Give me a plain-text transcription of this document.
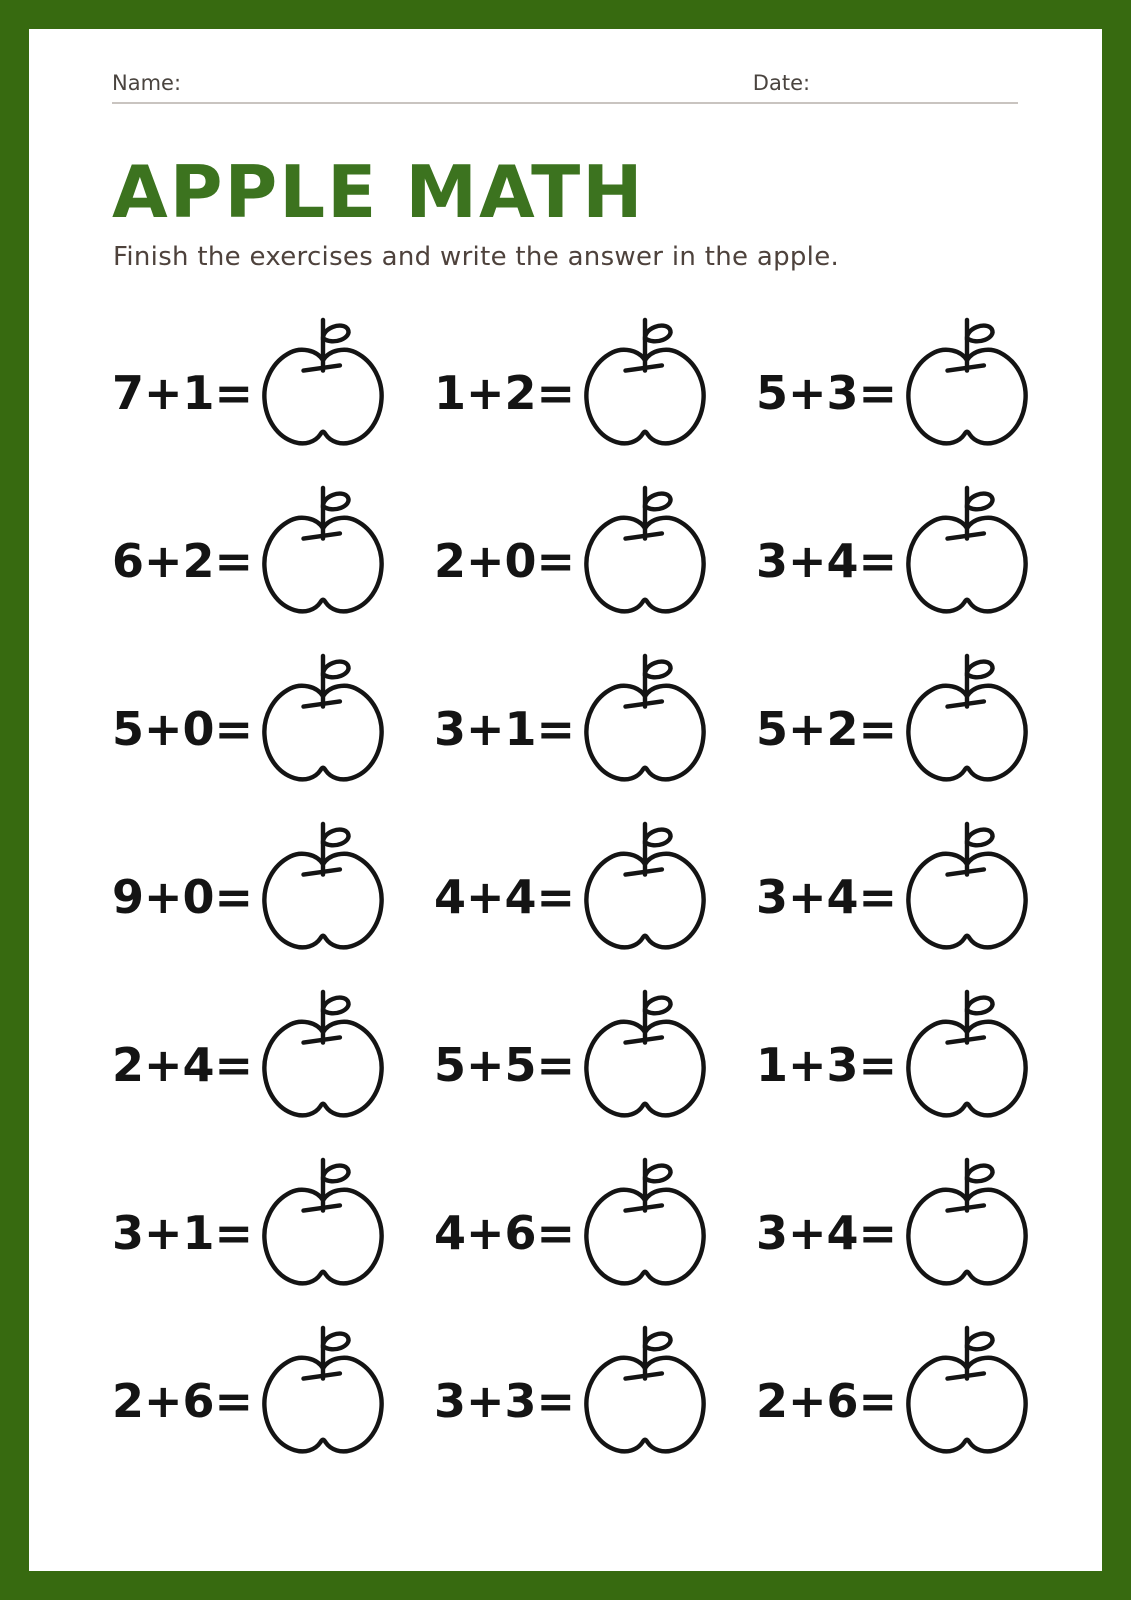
Name:	Date:
APPLE MATH

Finish the exercises and write the answer in the apple.

7+1=	1+2=	5+3=
6+2=	2+0=	3+4=
5+0=	3+1=	5+2=
9+0=	4+4=	3+4=
2+4=	5+5=	1+3=
3+1=	4+6=	3+4=
2+6=	3+3=	2+6=
